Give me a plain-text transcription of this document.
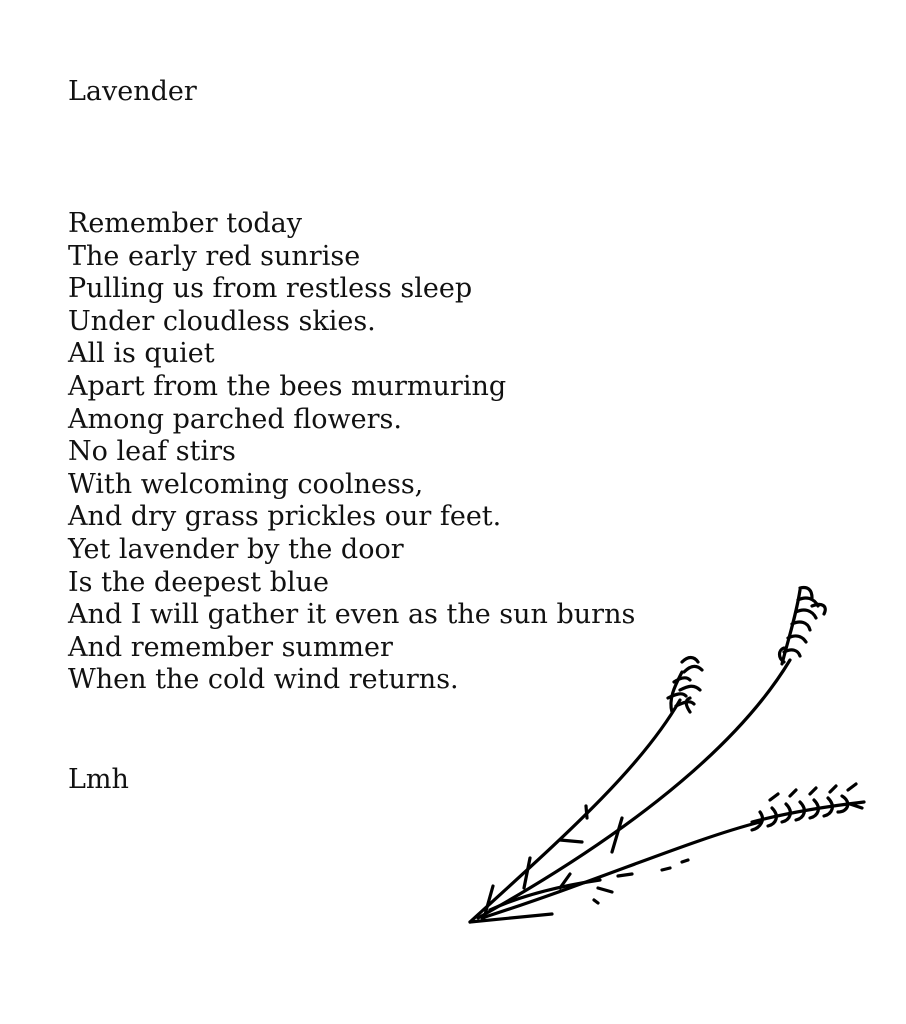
Lavender
Remember today
The early red sunrise
Pulling us from restless sleep
Under cloudless skies.
All is quiet
Apart from the bees murmuring
Among parched flowers.
No leaf stirs
With welcoming coolness,
And dry grass prickles our feet.
Yet lavender by the door
Is the deepest blue
And I will gather it even as the sun burns
And remember summer
When the cold wind returns.
Lmh
